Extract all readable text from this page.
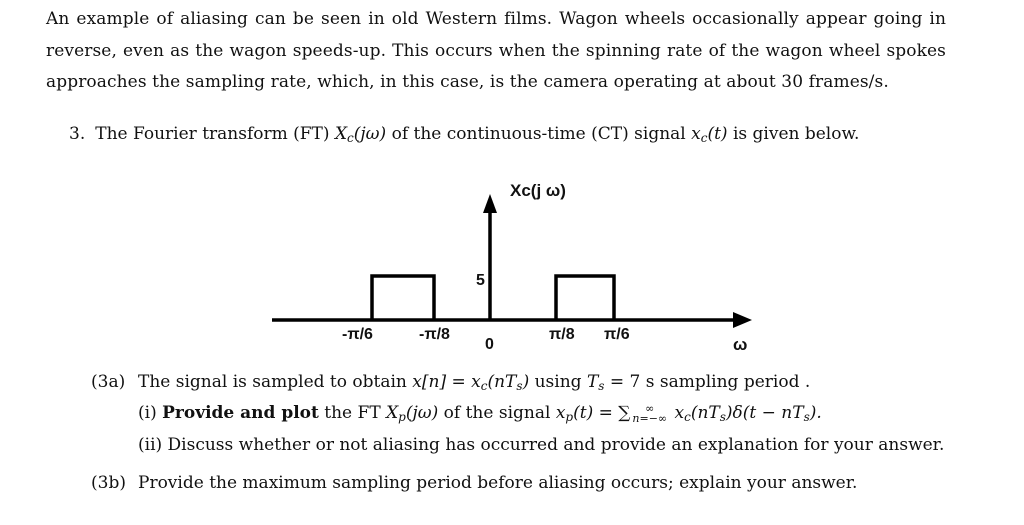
An example of aliasing can be seen in old Western films. Wagon wheels occasionally appear going in
reverse, even as the wagon speeds-up. This occurs when the spinning rate of the wagon wheel spokes
approaches the sampling rate, which, in this case, is the camera operating at about 30 frames/s.
3. The Fourier transform (FT) $X_c(j\omega)$ of the continuous-time (CT) signal $x_c(t)$ is given below.
Xc(j ω)
5
ω
-π/6	-π/8
0
π/8 π/6
(3a) The signal is sampled to obtain $x[n] = x_c(nT_s)$ using $T_s = 7$ s sampling period .
(i) Provide and plot the FT $X_p(j\omega)$ of the signal $x_p(t)$ = ∑	∞
n=−∞ $x_c(nT_s)\delta(t - nT_s)$.
(ii) Discuss whether or not aliasing has occurred and provide an explanation for your answer.
(3b) Provide the maximum sampling period before aliasing occurs; explain your answer.
